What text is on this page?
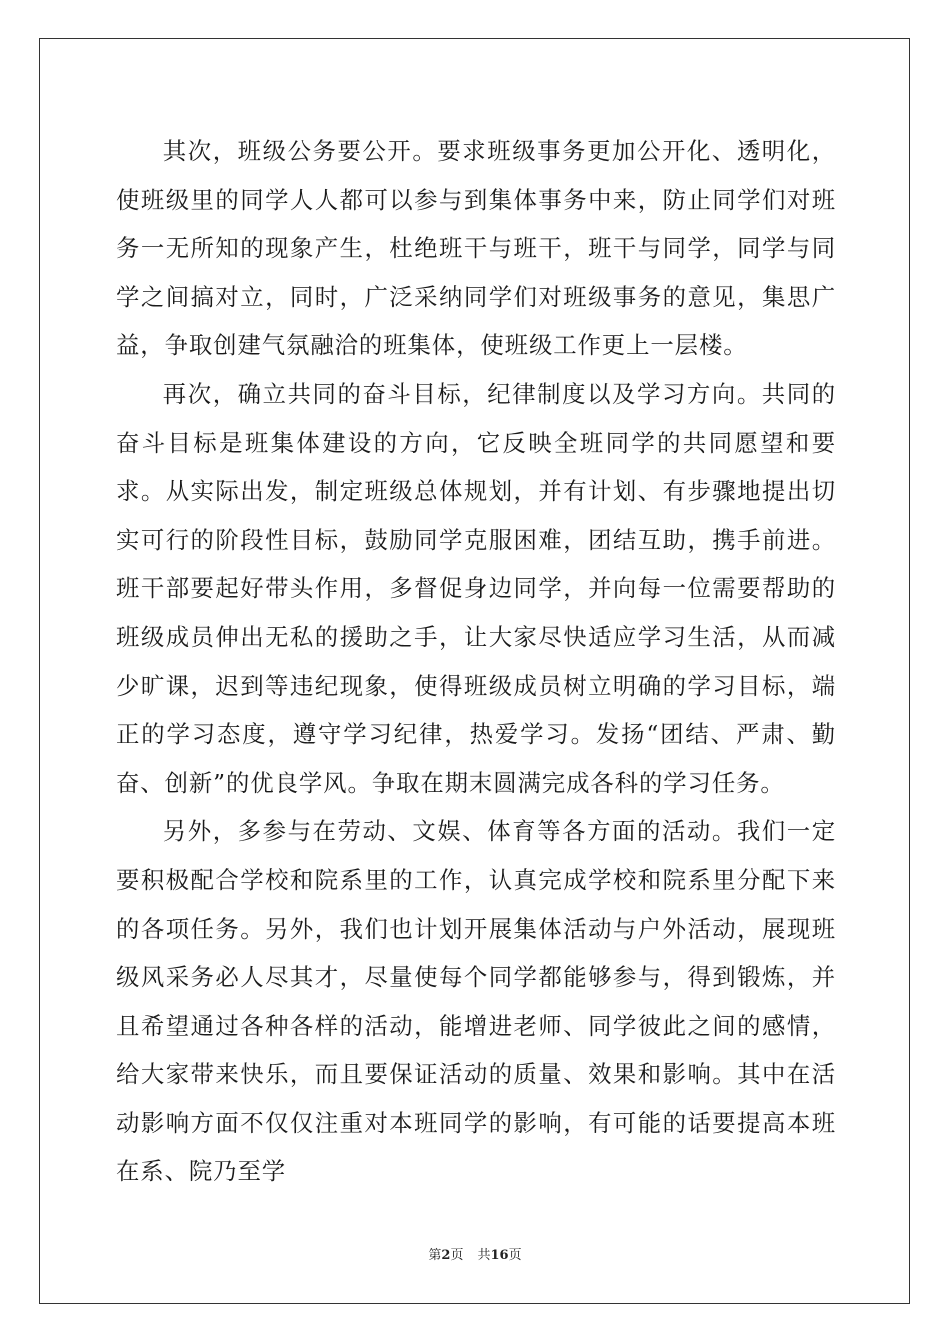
其次，班级公务要公开。要求班级事务更加公开化、透明化，使班级里的同学人人都可以参与到集体事务中来，防止同学们对班务一无所知的现象产生，杜绝班干与班干，班干与同学，同学与同学之间搞对立，同时，广泛采纳同学们对班级事务的意见，集思广益，争取创建气氛融洽的班集体，使班级工作更上一层楼。

再次，确立共同的奋斗目标，纪律制度以及学习方向。共同的奋斗目标是班集体建设的方向，它反映全班同学的共同愿望和要求。从实际出发，制定班级总体规划，并有计划、有步骤地提出切实可行的阶段性目标，鼓励同学克服困难，团结互助，携手前进。班干部要起好带头作用，多督促身边同学，并向每一位需要帮助的班级成员伸出无私的援助之手，让大家尽快适应学习生活，从而减少旷课，迟到等违纪现象，使得班级成员树立明确的学习目标，端正的学习态度，遵守学习纪律，热爱学习。发扬“团结、严肃、勤奋、创新”的优良学风。争取在期末圆满完成各科的学习任务。

另外，多参与在劳动、文娱、体育等各方面的活动。我们一定要积极配合学校和院系里的工作，认真完成学校和院系里分配下来的各项任务。另外，我们也计划开展集体活动与户外活动，展现班级风采务必人尽其才，尽量使每个同学都能够参与，得到锻炼，并且希望通过各种各样的活动，能增进老师、同学彼此之间的感情，给大家带来快乐，而且要保证活动的质量、效果和影响。其中在活动影响方面不仅仅注重对本班同学的影响，有可能的话要提高本班在系、院乃至学

第2页 共16页
